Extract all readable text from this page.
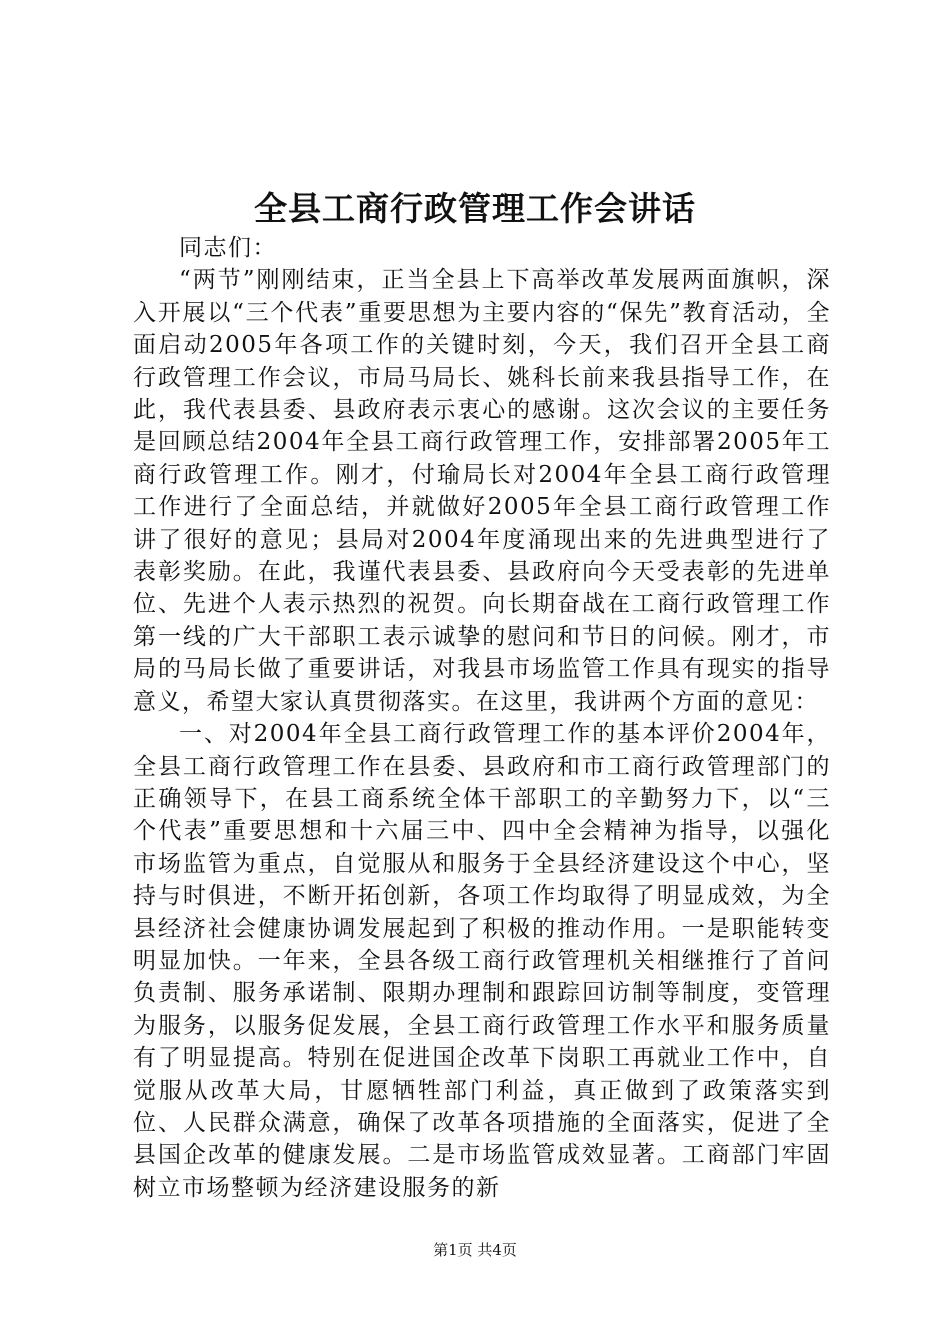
全县工商行政管理工作会讲话

同志们：

“两节”刚刚结束，正当全县上下高举改革发展两面旗帜，深入开展以“三个代表”重要思想为主要内容的“保先”教育活动，全面启动2005年各项工作的关键时刻，今天，我们召开全县工商行政管理工作会议，市局马局长、姚科长前来我县指导工作，在此，我代表县委、县政府表示衷心的感谢。这次会议的主要任务是回顾总结2004年全县工商行政管理工作，安排部署2005年工商行政管理工作。刚才，付瑜局长对2004年全县工商行政管理工作进行了全面总结，并就做好2005年全县工商行政管理工作讲了很好的意见；县局对2004年度涌现出来的先进典型进行了表彰奖励。在此，我谨代表县委、县政府向今天受表彰的先进单位、先进个人表示热烈的祝贺。向长期奋战在工商行政管理工作第一线的广大干部职工表示诚挚的慰问和节日的问候。刚才，市局的马局长做了重要讲话，对我县市场监管工作具有现实的指导意义，希望大家认真贯彻落实。在这里，我讲两个方面的意见：

一、对2004年全县工商行政管理工作的基本评价2004年，全县工商行政管理工作在县委、县政府和市工商行政管理部门的正确领导下，在县工商系统全体干部职工的辛勤努力下，以“三个代表”重要思想和十六届三中、四中全会精神为指导，以强化市场监管为重点，自觉服从和服务于全县经济建设这个中心，坚持与时俱进，不断开拓创新，各项工作均取得了明显成效，为全县经济社会健康协调发展起到了积极的推动作用。一是职能转变明显加快。一年来，全县各级工商行政管理机关相继推行了首问负责制、服务承诺制、限期办理制和跟踪回访制等制度，变管理为服务，以服务促发展，全县工商行政管理工作水平和服务质量有了明显提高。特别在促进国企改革下岗职工再就业工作中，自觉服从改革大局，甘愿牺牲部门利益，真正做到了政策落实到位、人民群众满意，确保了改革各项措施的全面落实，促进了全县国企改革的健康发展。二是市场监管成效显著。工商部门牢固树立市场整顿为经济建设服务的新

第1页 共4页
